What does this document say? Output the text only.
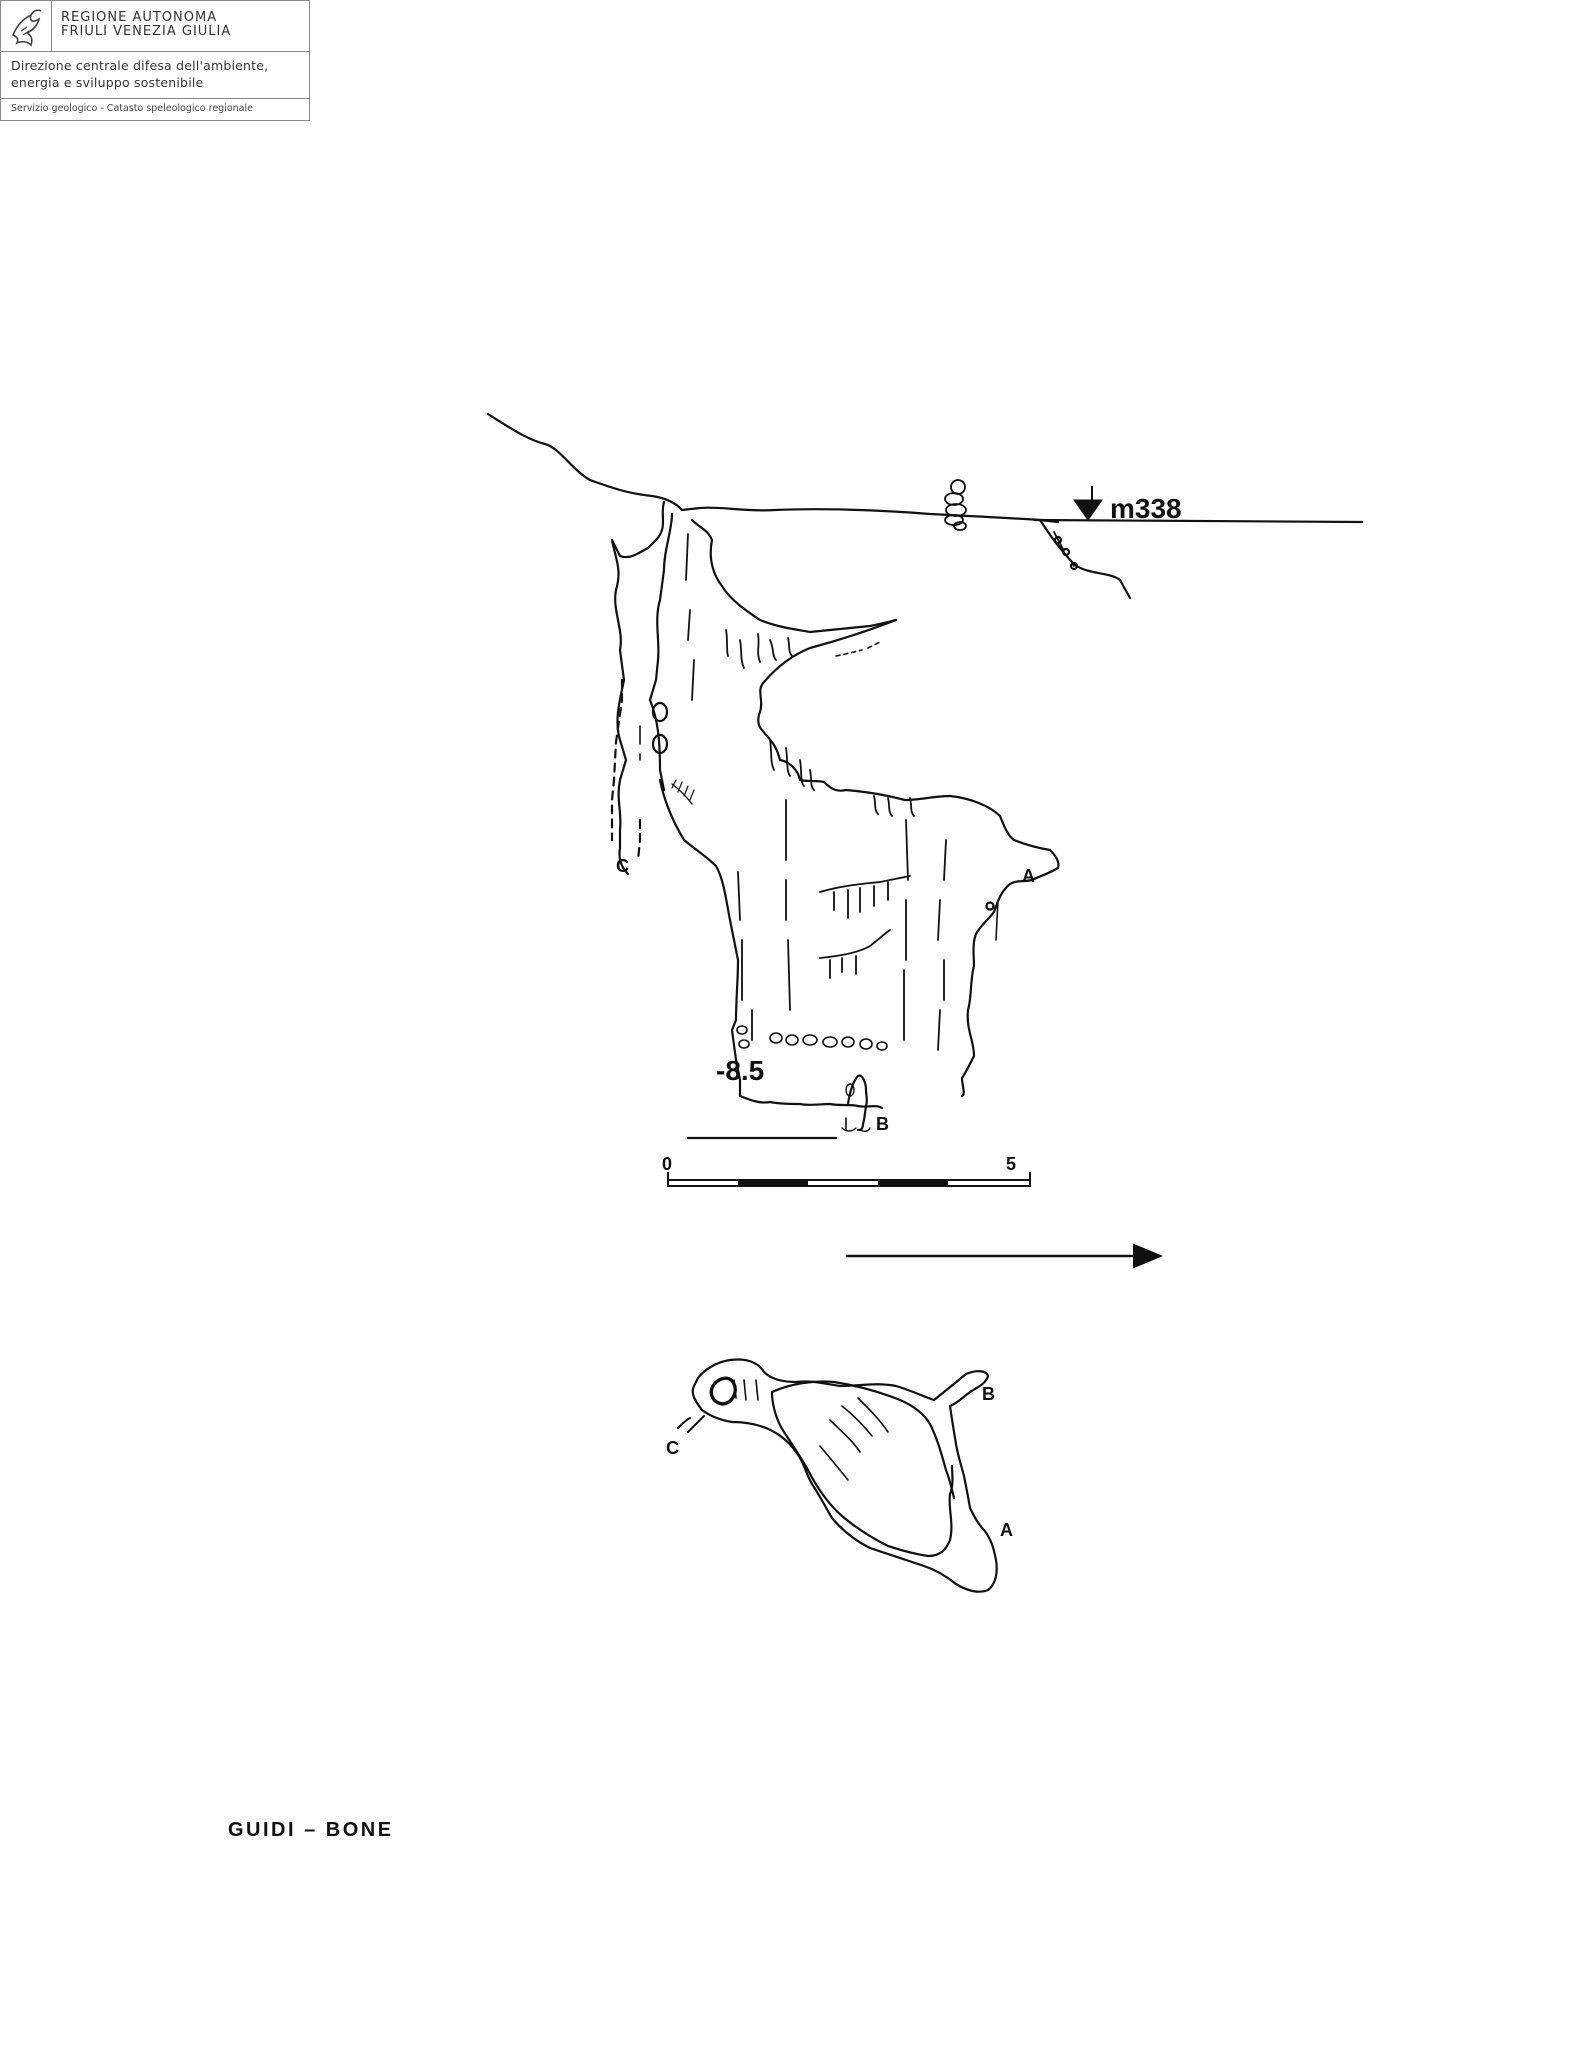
REGIONE AUTONOMA
FRIULI VENEZIA GIULIA
Direzione centrale difesa dell'ambiente,
energia e sviluppo sostenibile
Servizio geologico - Catasto speleologico regionale
m338
A
B
C
-8.5
0	5
B
A
C
GUIDI – BONE
